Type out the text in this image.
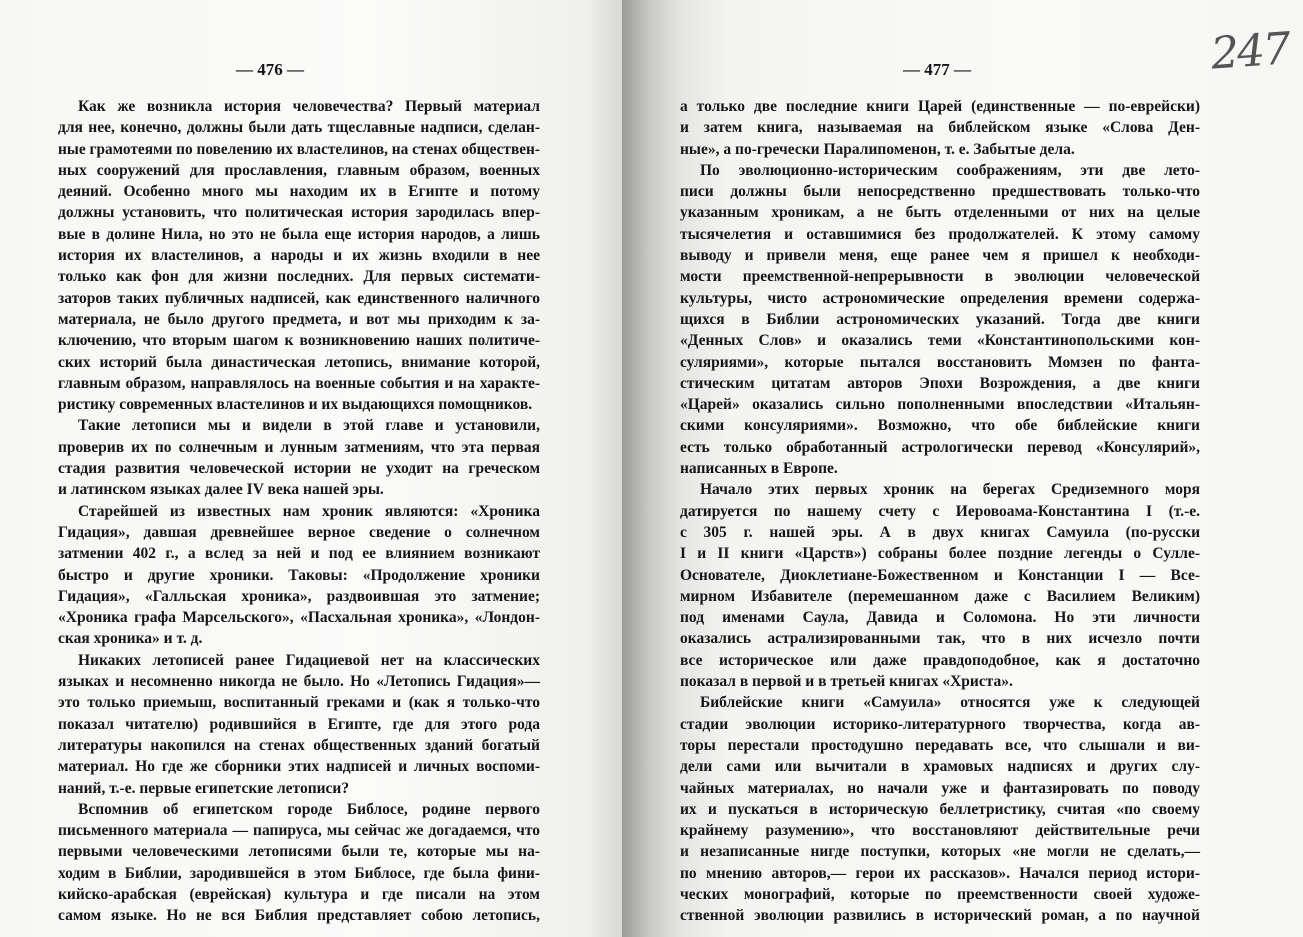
— 476 —
Как же возникла история человечества? Первый материал
для нее, конечно, должны были дать тщеславные надписи, сделан-
ные грамотеями по повелению их властелинов, на стенах обществен-
ных сооружений для прославления, главным образом, военных
деяний. Особенно много мы находим их в Египте и потому
должны установить, что политическая история зародилась впер-
вые в долине Нила, но это не была еще история народов, а лишь
история их властелинов, а народы и их жизнь входили в нее
только как фон для жизни последних. Для первых системати-
заторов таких публичных надписей, как единственного наличного
материала, не было другого предмета, и вот мы приходим к за-
ключению, что вторым шагом к возникновению наших политиче-
ских историй была династическая летопись, внимание которой,
главным образом, направлялось на военные события и на характе-
ристику современных властелинов и их выдающихся помощников.
Такие летописи мы и видели в этой главе и установили,
проверив их по солнечным и лунным затмениям, что эта первая
стадия развития человеческой истории не уходит на греческом
и латинском языках далее IV века нашей эры.
Старейшей из известных нам хроник являются: «Хроника
Гидация», давшая древнейшее верное сведение о солнечном
затмении 402 г., а вслед за ней и под ее влиянием возникают
быстро и другие хроники. Таковы: «Продолжение хроники
Гидация», «Галльская хроника», раздвоившая это затмение;
«Хроника графа Марсельского», «Пасхальная хроника», «Лондон-
ская хроника» и т. д.
Никаких летописей ранее Гидациевой нет на классических
языках и несомненно никогда не было. Но «Летопись Гидация»—
это только приемыш, воспитанный греками и (как я только-что
показал читателю) родившийся в Египте, где для этого рода
литературы накопился на стенах общественных зданий богатый
материал. Но где же сборники этих надписей и личных воспоми-
наний, т.-е. первые египетские летописи?
Вспомнив об египетском городе Библосе, родине первого
письменного материала — папируса, мы сейчас же догадаемся, что
первыми человеческими летописями были те, которые мы на-
ходим в Библии, зародившейся в этом Библосе, где была фини-
кийско-арабская (еврейская) культура и где писали на этом
самом языке. Но не вся Библия представляет собою летопись,
— 477 —
а только две последние книги Царей (единственные — по-еврейски)
и затем книга, называемая на библейском языке «Слова Ден-
ные», а по-гречески Паралипоменон, т. е. Забытые дела.
По эволюционно-историческим соображениям, эти две лето-
писи должны были непосредственно предшествовать только-что
указанным хроникам, а не быть отделенными от них на целые
тысячелетия и оставшимися без продолжателей. К этому самому
выводу и привели меня, еще ранее чем я пришел к необходи-
мости преемственной-непрерывности в эволюции человеческой
культуры, чисто астрономические определения времени содержа-
щихся в Библии астрономических указаний. Тогда две книги
«Денных Слов» и оказались теми «Константинопольскими кон-
суляриями», которые пытался восстановить Момзен по фанта-
стическим цитатам авторов Эпохи Возрождения, а две книги
«Царей» оказались сильно пополненными впоследствии «Итальян-
скими консуляриями». Возможно, что обе библейские книги
есть только обработанный астрологически перевод «Консулярий»,
написанных в Европе.
Начало этих первых хроник на берегах Средиземного моря
датируется по нашему счету с Иеровоама-Константина I (т.-е.
с 305 г. нашей эры. А в двух книгах Самуила (по-русски
I и II книги «Царств») собраны более поздние легенды о Сулле-
Основателе, Диоклетиане-Божественном и Констанции I — Все-
мирном Избавителе (перемешанном даже с Василием Великим)
под именами Саула, Давида и Соломона. Но эти личности
оказались астрализированными так, что в них исчезло почти
все историческое или даже правдоподобное, как я достаточно
показал в первой и в третьей книгах «Христа».
Библейские книги «Самуила» относятся уже к следующей
стадии эволюции историко-литературного творчества, когда ав-
торы перестали простодушно передавать все, что слышали и ви-
дели сами или вычитали в храмовых надписях и других слу-
чайных материалах, но начали уже и фантазировать по поводу
их и пускаться в историческую беллетристику, считая «по своему
крайнему разумению», что восстановляют действительные речи
и незаписанные нигде поступки, которых «не могли не сделать,—
по мнению авторов,— герои их рассказов». Начался период истори-
ческих монографий, которые по преемственности своей художе-
ственной эволюции развились в исторический роман, а по научной
247
